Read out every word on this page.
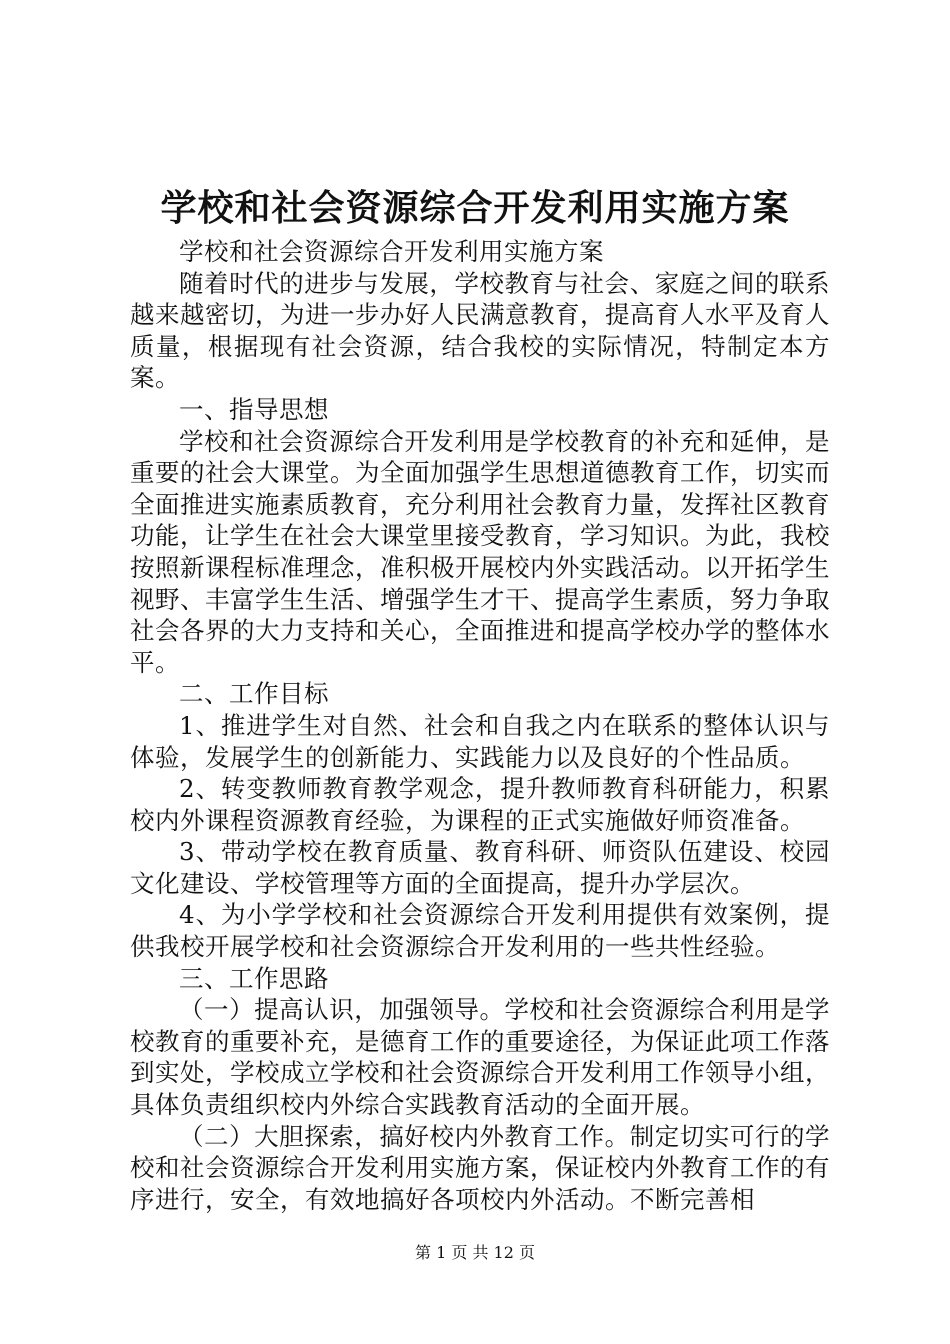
学校和社会资源综合开发利用实施方案

学校和社会资源综合开发利用实施方案

随着时代的进步与发展，学校教育与社会、家庭之间的联系越来越密切，为进一步办好人民满意教育，提高育人水平及育人质量，根据现有社会资源，结合我校的实际情况，特制定本方案。

一、指导思想

学校和社会资源综合开发利用是学校教育的补充和延伸，是重要的社会大课堂。为全面加强学生思想道德教育工作，切实而全面推进实施素质教育，充分利用社会教育力量，发挥社区教育功能，让学生在社会大课堂里接受教育，学习知识。为此，我校按照新课程标准理念，准积极开展校内外实践活动。以开拓学生视野、丰富学生生活、增强学生才干、提高学生素质，努力争取社会各界的大力支持和关心，全面推进和提高学校办学的整体水平。

二、工作目标

1、推进学生对自然、社会和自我之内在联系的整体认识与体验，发展学生的创新能力、实践能力以及良好的个性品质。

2、转变教师教育教学观念，提升教师教育科研能力，积累校内外课程资源教育经验，为课程的正式实施做好师资准备。

3、带动学校在教育质量、教育科研、师资队伍建设、校园文化建设、学校管理等方面的全面提高，提升办学层次。

4、为小学学校和社会资源综合开发利用提供有效案例，提供我校开展学校和社会资源综合开发利用的一些共性经验。

三、工作思路

（一）提高认识，加强领导。学校和社会资源综合利用是学校教育的重要补充，是德育工作的重要途径，为保证此项工作落到实处，学校成立学校和社会资源综合开发利用工作领导小组，具体负责组织校内外综合实践教育活动的全面开展。

（二）大胆探索，搞好校内外教育工作。制定切实可行的学校和社会资源综合开发利用实施方案，保证校内外教育工作的有序进行，安全，有效地搞好各项校内外活动。不断完善相

第 1 页 共 12 页
